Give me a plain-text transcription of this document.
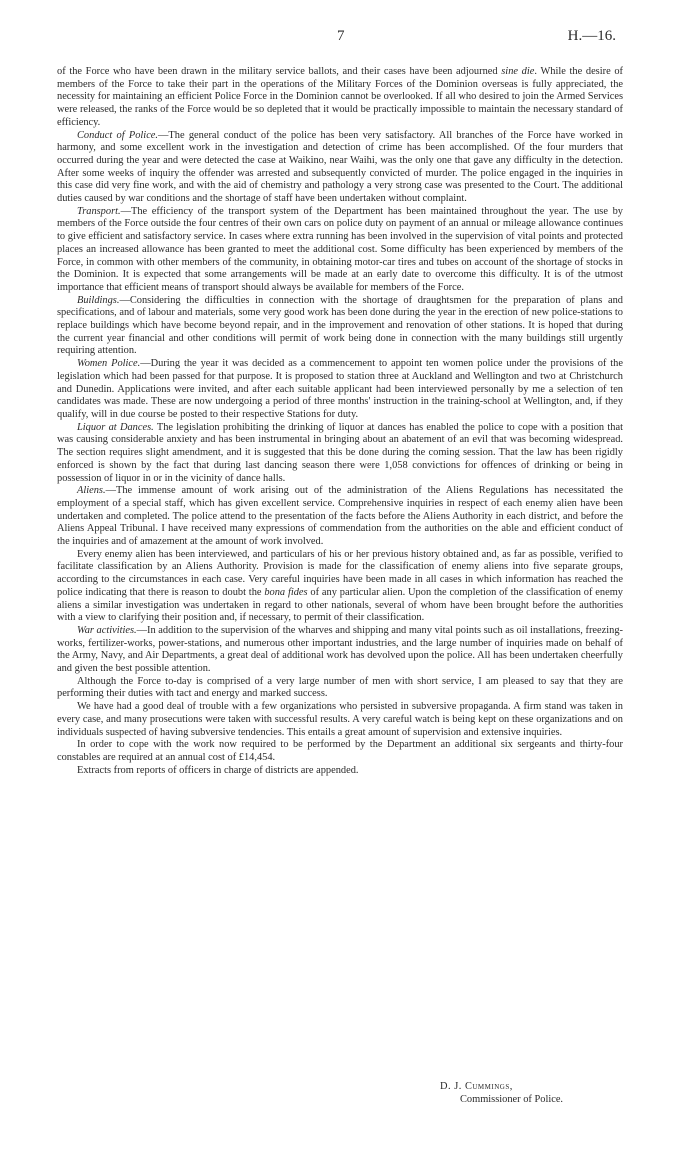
7	H.—16.

of the Force who have been drawn in the military service ballots, and their cases have been adjourned sine die. While the desire of members of the Force to take their part in the operations of the Military Forces of the Dominion overseas is fully appreciated, the necessity for maintaining an efficient Police Force in the Dominion cannot be overlooked. If all who desired to join the Armed Services were released, the ranks of the Force would be so depleted that it would be practically impossible to maintain the necessary standard of efficiency.

Conduct of Police.—The general conduct of the police has been very satisfactory. All branches of the Force have worked in harmony, and some excellent work in the investigation and detection of crime has been accomplished. Of the four murders that occurred during the year and were detected the case at Waikino, near Waihi, was the only one that gave any difficulty in the detection. After some weeks of inquiry the offender was arrested and subsequently convicted of murder. The police engaged in the inquiries in this case did very fine work, and with the aid of chemistry and pathology a very strong case was presented to the Court. The additional duties caused by war conditions and the shortage of staff have been undertaken without complaint.

Transport.—The efficiency of the transport system of the Department has been maintained throughout the year. The use by members of the Force outside the four centres of their own cars on police duty on payment of an annual or mileage allowance continues to give efficient and satisfactory service. In cases where extra running has been involved in the supervision of vital points and protected places an increased allowance has been granted to meet the additional cost. Some difficulty has been experienced by members of the Force, in common with other members of the community, in obtaining motor-car tires and tubes on account of the shortage of stocks in the Dominion. It is expected that some arrangements will be made at an early date to overcome this difficulty. It is of the utmost importance that efficient means of transport should always be available for members of the Force.

Buildings.—Considering the difficulties in connection with the shortage of draughtsmen for the preparation of plans and specifications, and of labour and materials, some very good work has been done during the year in the erection of new police-stations to replace buildings which have become beyond repair, and in the improvement and renovation of other stations. It is hoped that during the current year financial and other conditions will permit of work being done in connection with the many buildings still urgently requiring attention.

Women Police.—During the year it was decided as a commencement to appoint ten women police under the provisions of the legislation which had been passed for that purpose. It is proposed to station three at Auckland and Wellington and two at Christchurch and Dunedin. Applications were invited, and after each suitable applicant had been interviewed personally by me a selection of ten candidates was made. These are now undergoing a period of three months' instruction in the training-school at Wellington, and, if they qualify, will in due course be posted to their respective Stations for duty.

Liquor at Dances. The legislation prohibiting the drinking of liquor at dances has enabled the police to cope with a position that was causing considerable anxiety and has been instrumental in bringing about an abatement of an evil that was becoming widespread. The section requires slight amendment, and it is suggested that this be done during the coming session. That the law has been rigidly enforced is shown by the fact that during last dancing season there were 1,058 convictions for offences of drinking or being in possession of liquor in or in the vicinity of dance halls.

Aliens.—The immense amount of work arising out of the administration of the Aliens Regulations has necessitated the employment of a special staff, which has given excellent service. Comprehensive inquiries in respect of each enemy alien have been undertaken and completed. The police attend to the presentation of the facts before the Aliens Authority in each district, and before the Aliens Appeal Tribunal. I have received many expressions of commendation from the authorities on the able and efficient conduct of the inquiries and of amazement at the amount of work involved.

Every enemy alien has been interviewed, and particulars of his or her previous history obtained and, as far as possible, verified to facilitate classification by an Aliens Authority. Provision is made for the classification of enemy aliens into five separate groups, according to the circumstances in each case. Very careful inquiries have been made in all cases in which information has reached the police indicating that there is reason to doubt the bona fides of any particular alien. Upon the completion of the classification of enemy aliens a similar investigation was undertaken in regard to other nationals, several of whom have been brought before the authorities with a view to clarifying their position and, if necessary, to permit of their classification.

War activities.—In addition to the supervision of the wharves and shipping and many vital points such as oil installations, freezing-works, fertilizer-works, power-stations, and numerous other important industries, and the large number of inquiries made on behalf of the Army, Navy, and Air Departments, a great deal of additional work has devolved upon the police. All has been undertaken cheerfully and given the best possible attention.

Although the Force to-day is comprised of a very large number of men with short service, I am pleased to say that they are performing their duties with tact and energy and marked success.

We have had a good deal of trouble with a few organizations who persisted in subversive propaganda. A firm stand was taken in every case, and many prosecutions were taken with successful results. A very careful watch is being kept on these organizations and on individuals suspected of having subversive tendencies. This entails a great amount of supervision and extensive inquiries.

In order to cope with the work now required to be performed by the Department an additional six sergeants and thirty-four constables are required at an annual cost of £14,454.

Extracts from reports of officers in charge of districts are appended.

D. J. Cummings,
Commissioner of Police.
